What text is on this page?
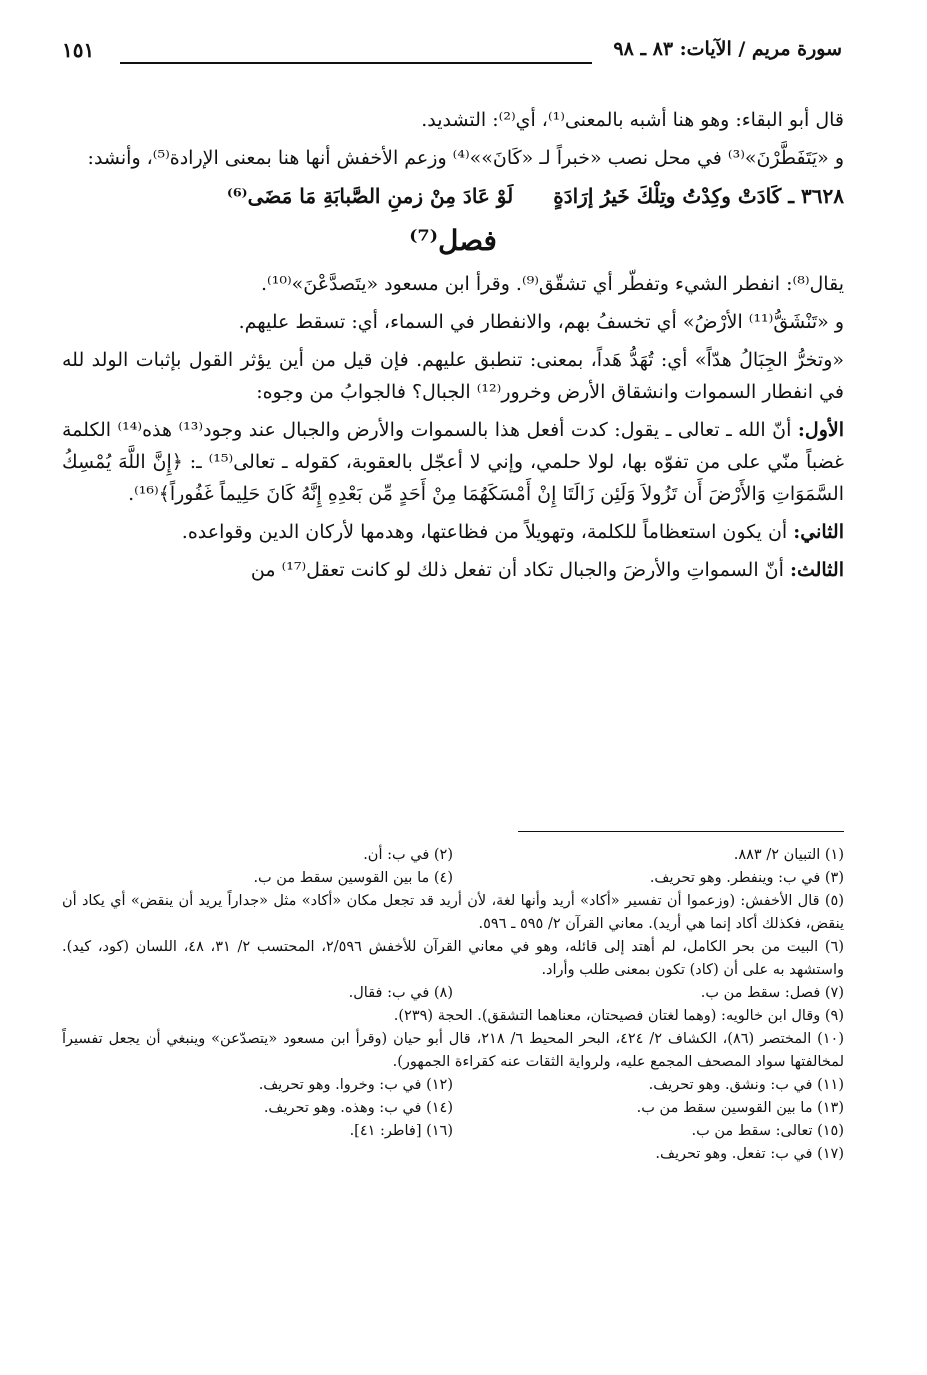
سورة مريم / الآيات: ٨٣ ـ ٩٨
١٥١

قال أبو البقاء: وهو هنا أشبه بالمعنى⁽¹⁾، أي⁽²⁾: التشديد.

و «يَتَفَطَّرْنَ»⁽³⁾ في محل نصب «خبراً لـ «كَانَ»»⁽⁴⁾ وزعم الأخفش أنها هنا بمعنى الإرادة⁽⁵⁾، وأنشد:

٣٦٢٨ ـ كَادَتْ وكِدْتُ وتِلْكَ خَيرُ إرَادَةٍلَوْ عَادَ مِنْ زمنِ الصَّبابَةِ مَا مَضَى⁽⁶⁾

فصل⁽⁷⁾

يقال⁽⁸⁾: انفطر الشيء وتفطّر أي تشقّق⁽⁹⁾. وقرأ ابن مسعود «يتَصدَّعْنَ»⁽¹⁰⁾.

و «تَنْشَقُّ⁽¹¹⁾ الأرْضُ» أي تخسفُ بهم، والانفطار في السماء، أي: تسقط عليهم.

«وتخرُّ الجِبَالُ هدّاً» أي: تُهَدُّ هَداً، بمعنى: تنطبق عليهم. فإن قيل من أين يؤثر القول بإثبات الولد لله في انفطار السموات وانشقاق الأرض وخرور⁽¹²⁾ الجبال؟ فالجوابُ من وجوه:

الأول: أنّ الله ـ تعالى ـ يقول: كدت أفعل هذا بالسموات والأرض والجبال عند وجود⁽¹³⁾ هذه⁽¹⁴⁾ الكلمة غضباً منّي على من تفوّه بها، لولا حلمي، وإني لا أعجّل بالعقوبة، كقوله ـ تعالى⁽¹⁵⁾ ـ: ﴿إِنَّ اللَّهَ يُمْسِكُ السَّمَوَاتِ وَالأَرْضَ أَن تَزُولاَ وَلَئِن زَالَتَا إِنْ أَمْسَكَهُمَا مِنْ أَحَدٍ مِّن بَعْدِهِ إِنَّهُ كَانَ حَلِيماً غَفُوراً﴾⁽¹⁶⁾.

الثاني: أن يكون استعظاماً للكلمة، وتهويلاً من فظاعتها، وهدمها لأركان الدين وقواعده.

الثالث: أنّ السمواتِ والأرضَ والجبال تكاد أن تفعل ذلك لو كانت تعقل⁽¹⁷⁾ من

(١) التبيان ٢/ ٨٨٣.
(٢) في ب: أن.
(٣) في ب: وينفطر. وهو تحريف.
(٤) ما بين القوسين سقط من ب.

(٥) قال الأخفش: (وزعموا أن تفسير «أكاد» أريد وأنها لغة، لأن أريد قد تجعل مكان «أكاد» مثل «جداراً يريد أن ينقض» أي يكاد أن ينقض، فكذلك أكاد إنما هي أريد). معاني القرآن ٢/ ٥٩٥ ـ ٥٩٦.

(٦) البيت من بحر الكامل، لم أهتد إلى قائله، وهو في معاني القرآن للأخفش ٢/٥٩٦، المحتسب ٢/ ٣١، ٤٨، اللسان (كود، كيد). واستشهد به على أن (كاد) تكون بمعنى طلب وأراد.

(٧) فصل: سقط من ب.
(٨) في ب: فقال.

(٩) وقال ابن خالويه: (وهما لغتان فصيحتان، معناهما التشقق). الحجة (٢٣٩).

(١٠) المختصر (٨٦)، الكشاف ٢/ ٤٢٤، البحر المحيط ٦/ ٢١٨، قال أبو حيان (وقرأ ابن مسعود «يتصدّعن» وينبغي أن يجعل تفسيراً لمخالفتها سواد المصحف المجمع عليه، ولرواية الثقات عنه كقراءة الجمهور).

(١١) في ب: ونشق. وهو تحريف.
(١٢) في ب: وخروا. وهو تحريف.
(١٣) ما بين القوسين سقط من ب.
(١٤) في ب: وهذه. وهو تحريف.
(١٥) تعالى: سقط من ب.
(١٦) [فاطر: ٤١].
(١٧) في ب: تفعل. وهو تحريف.
